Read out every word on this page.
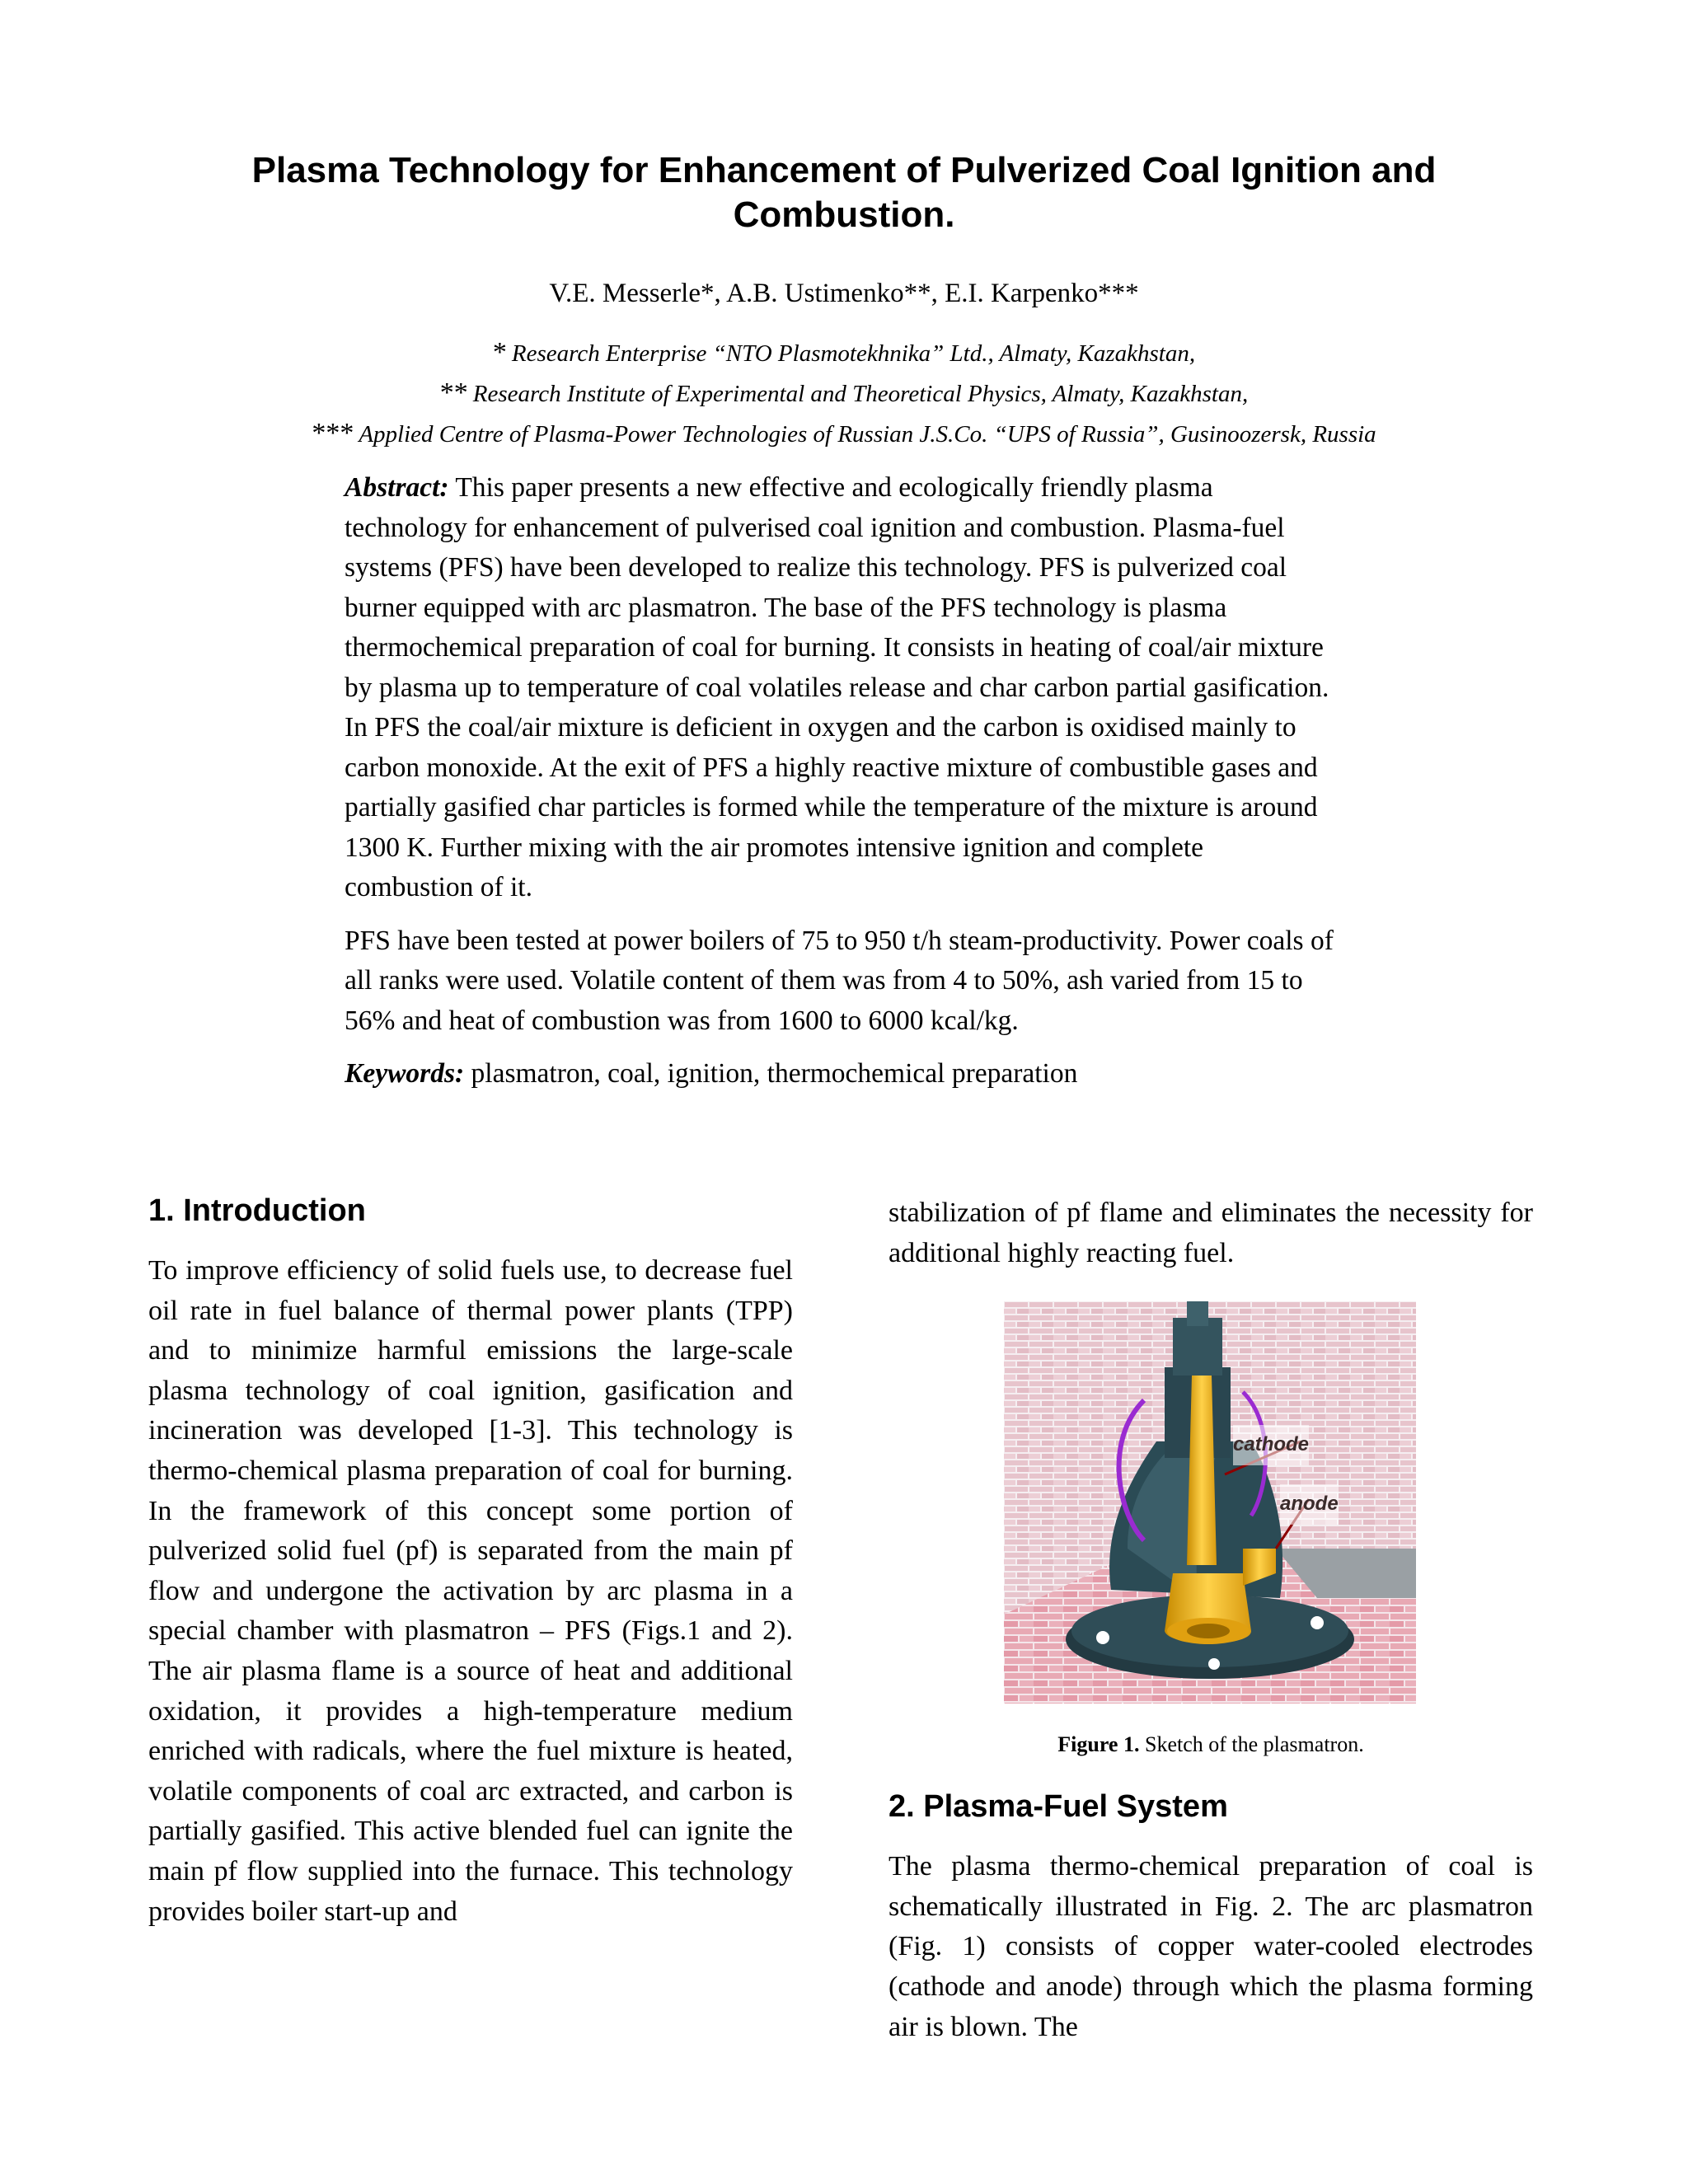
Plasma Technology for Enhancement of Pulverized Coal Ignition and Combustion.
V.E. Messerle*, A.B. Ustimenko**, E.I. Karpenko***
* Research Enterprise “NTO Plasmotekhnika” Ltd., Almaty, Kazakhstan,
** Research Institute of Experimental and Theoretical Physics, Almaty, Kazakhstan,
*** Applied Centre of Plasma-Power Technologies of Russian J.S.Co. “UPS of Russia”, Gusinoozersk, Russia

Abstract: This paper presents a new effective and ecologically friendly plasma technology for enhancement of pulverised coal ignition and combustion. Plasma-fuel systems (PFS) have been developed to realize this technology. PFS is pulverized coal burner equipped with arc plasmatron. The base of the PFS technology is plasma thermochemical preparation of coal for burning. It consists in heating of coal/air mixture by plasma up to temperature of coal volatiles release and char carbon partial gasification. In PFS the coal/air mixture is deficient in oxygen and the carbon is oxidised mainly to carbon monoxide. At the exit of PFS a highly reactive mixture of combustible gases and partially gasified char particles is formed while the temperature of the mixture is around 1300 K. Further mixing with the air promotes intensive ignition and complete combustion of it.

PFS have been tested at power boilers of 75 to 950 t/h steam-productivity. Power coals of all ranks were used. Volatile content of them was from 4 to 50%, ash varied from 15 to 56% and heat of combustion was from 1600 to 6000 kcal/kg.

Keywords: plasmatron, coal, ignition, thermochemical preparation

1. Introduction

To improve efficiency of solid fuels use, to decrease fuel oil rate in fuel balance of thermal power plants (TPP) and to minimize harmful emissions the large-scale plasma technology of coal ignition, gasification and incineration was developed [1-3]. This technology is thermo-chemical plasma preparation of coal for burning. In the framework of this concept some portion of pulverized solid fuel (pf) is separated from the main pf flow and undergone the activation by arc plasma in a special chamber with plasmatron – PFS (Figs.1 and 2). The air plasma flame is a source of heat and additional oxidation, it provides a high-temperature medium enriched with radicals, where the fuel mixture is heated, volatile components of coal arc extracted, and carbon is partially gasified. This active blended fuel can ignite the main pf flow supplied into the furnace. This technology provides boiler start-up and

stabilization of pf flame and eliminates the necessity for additional highly reacting fuel.

cathode
anode
Figure 1. Sketch of the plasmatron.
2. Plasma-Fuel System

The plasma thermo-chemical preparation of coal is schematically illustrated in Fig. 2. The arc plasmatron (Fig. 1) consists of copper water-cooled electrodes (cathode and anode) through which the plasma forming air is blown. The
